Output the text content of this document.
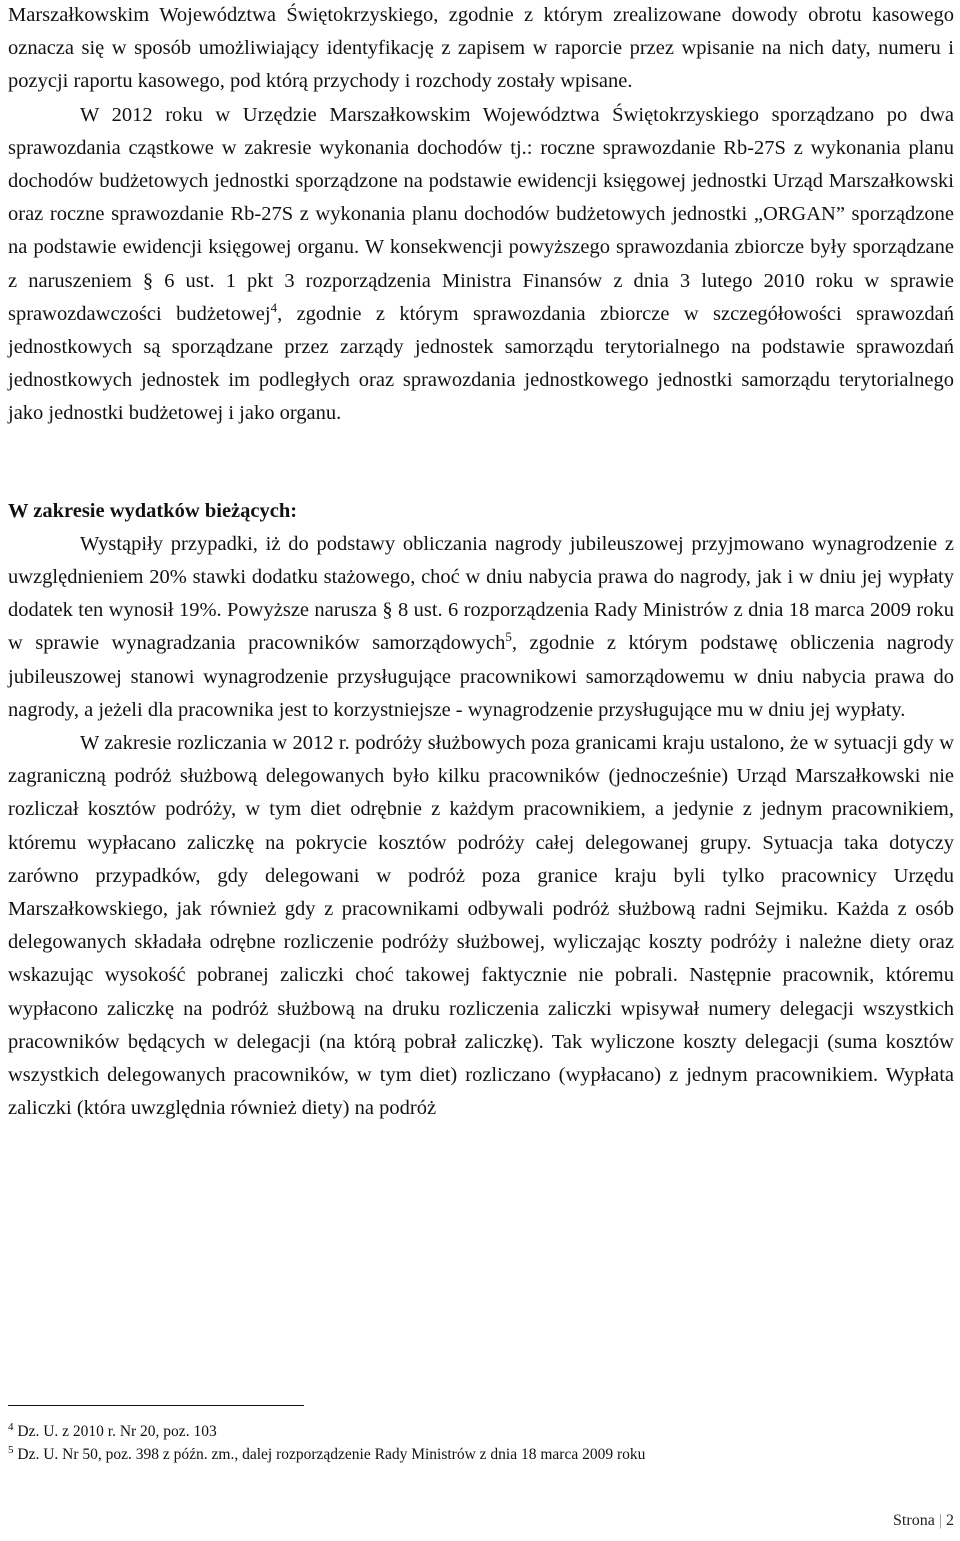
Marszałkowskim Województwa Świętokrzyskiego, zgodnie z którym zrealizowane dowody obrotu kasowego oznacza się w sposób umożliwiający identyfikację z zapisem w raporcie przez wpisanie na nich daty, numeru i pozycji raportu kasowego, pod którą przychody i rozchody zostały wpisane.

W 2012 roku w Urzędzie Marszałkowskim Województwa Świętokrzyskiego sporządzano po dwa sprawozdania cząstkowe w zakresie wykonania dochodów tj.: roczne sprawozdanie Rb-27S z wykonania planu dochodów budżetowych jednostki sporządzone na podstawie ewidencji księgowej jednostki Urząd Marszałkowski oraz roczne sprawozdanie Rb-27S z wykonania planu dochodów budżetowych jednostki „ORGAN” sporządzone na podstawie ewidencji księgowej organu. W konsekwencji powyższego sprawozdania zbiorcze były sporządzane z naruszeniem § 6 ust. 1 pkt 3 rozporządzenia Ministra Finansów z dnia 3 lutego 2010 roku w sprawie sprawozdawczości budżetowej$^4$, zgodnie z którym sprawozdania zbiorcze w szczegółowości sprawozdań jednostkowych są sporządzane przez zarządy jednostek samorządu terytorialnego na podstawie sprawozdań jednostkowych jednostek im podległych oraz sprawozdania jednostkowego jednostki samorządu terytorialnego jako jednostki budżetowej i jako organu.

W zakresie wydatków bieżących:

Wystąpiły przypadki, iż do podstawy obliczania nagrody jubileuszowej przyjmowano wynagrodzenie z uwzględnieniem 20% stawki dodatku stażowego, choć w dniu nabycia prawa do nagrody, jak i w dniu jej wypłaty dodatek ten wynosił 19%. Powyższe narusza § 8 ust. 6 rozporządzenia Rady Ministrów z dnia 18 marca 2009 roku w sprawie wynagradzania pracowników samorządowych$^5$, zgodnie z którym podstawę obliczenia nagrody jubileuszowej stanowi wynagrodzenie przysługujące pracownikowi samorządowemu w dniu nabycia prawa do nagrody, a jeżeli dla pracownika jest to korzystniejsze - wynagrodzenie przysługujące mu w dniu jej wypłaty.

W zakresie rozliczania w 2012 r. podróży służbowych poza granicami kraju ustalono, że w sytuacji gdy w zagraniczną podróż służbową delegowanych było kilku pracowników (jednocześnie) Urząd Marszałkowski nie rozliczał kosztów podróży, w tym diet odrębnie z każdym pracownikiem, a jedynie z jednym pracownikiem, któremu wypłacano zaliczkę na pokrycie kosztów podróży całej delegowanej grupy. Sytuacja taka dotyczy zarówno przypadków, gdy delegowani w podróż poza granice kraju byli tylko pracownicy Urzędu Marszałkowskiego, jak również gdy z pracownikami odbywali podróż służbową radni Sejmiku. Każda z osób delegowanych składała odrębne rozliczenie podróży służbowej, wyliczając koszty podróży i należne diety oraz wskazując wysokość pobranej zaliczki choć takowej faktycznie nie pobrali. Następnie pracownik, któremu wypłacono zaliczkę na podróż służbową na druku rozliczenia zaliczki wpisywał numery delegacji wszystkich pracowników będących w delegacji (na którą pobrał zaliczkę). Tak wyliczone koszty delegacji (suma kosztów wszystkich delegowanych pracowników, w tym diet) rozliczano (wypłacano) z jednym pracownikiem. Wypłata zaliczki (która uwzględnia również diety) na podróż

$^4$ Dz. U. z 2010 r. Nr 20, poz. 103
$^5$ Dz. U. Nr 50, poz. 398 z późn. zm., dalej rozporządzenie Rady Ministrów z dnia 18 marca 2009 roku
Strona | 2
